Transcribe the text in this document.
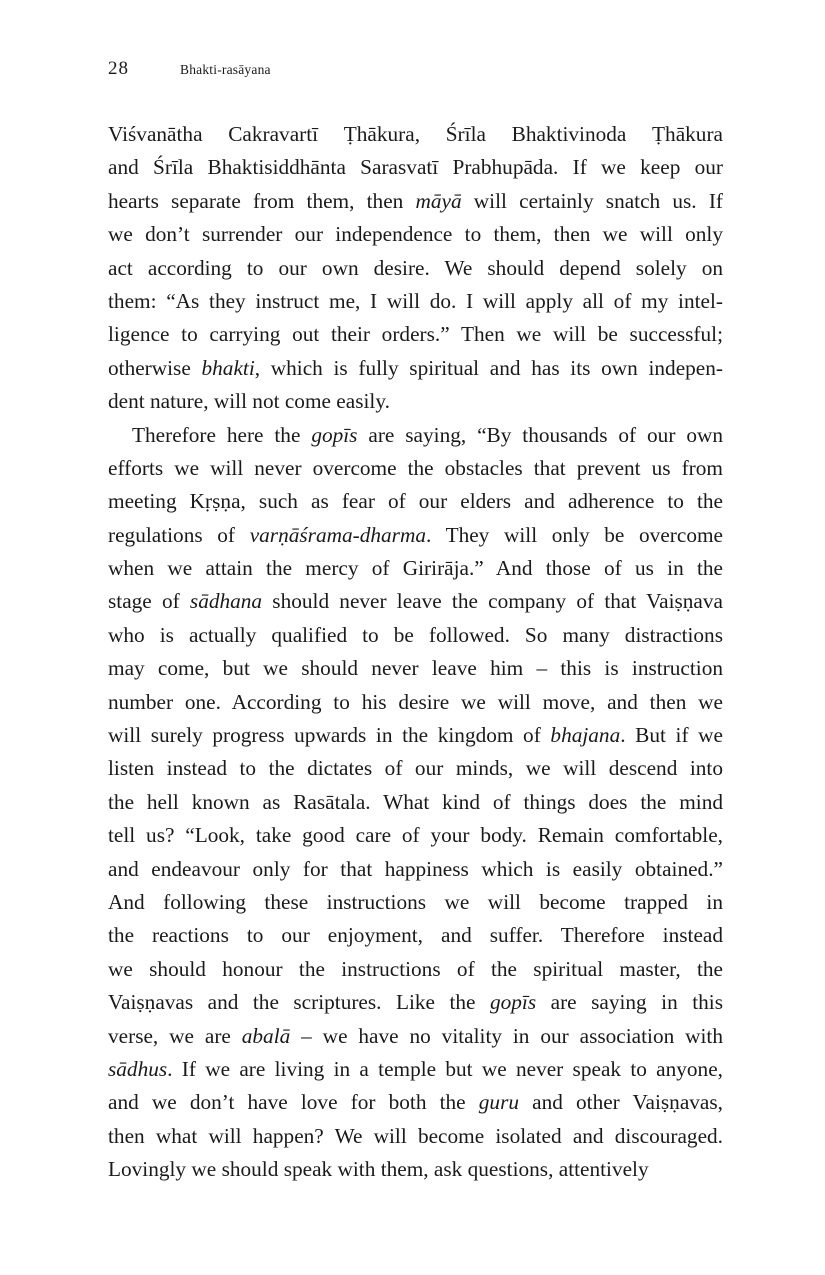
28	Bhakti-rasāyana
Viśvanātha Cakravartī Ṭhākura, Śrīla Bhaktivinoda Ṭhākura
and Śrīla Bhaktisiddhānta Sarasvatī Prabhupāda. If we keep our
hearts separate from them, then māyā will certainly snatch us. If
we don’t surrender our independence to them, then we will only
act according to our own desire. We should depend solely on
them: “As they instruct me, I will do. I will apply all of my intel-
ligence to carrying out their orders.” Then we will be successful;
otherwise bhakti, which is fully spiritual and has its own indepen-
dent nature, will not come easily.
Therefore here the gopīs are saying, “By thousands of our own
efforts we will never overcome the obstacles that prevent us from
meeting Kṛṣṇa, such as fear of our elders and adherence to the
regulations of varṇāśrama-dharma. They will only be overcome
when we attain the mercy of Girirāja.” And those of us in the
stage of sādhana should never leave the company of that Vaiṣṇava
who is actually qualified to be followed. So many distractions
may come, but we should never leave him – this is instruction
number one. According to his desire we will move, and then we
will surely progress upwards in the kingdom of bhajana. But if we
listen instead to the dictates of our minds, we will descend into
the hell known as Rasātala. What kind of things does the mind
tell us? “Look, take good care of your body. Remain comfortable,
and endeavour only for that happiness which is easily obtained.”
And following these instructions we will become trapped in
the reactions to our enjoyment, and suffer. Therefore instead
we should honour the instructions of the spiritual master, the
Vaiṣṇavas and the scriptures. Like the gopīs are saying in this
verse, we are abalā – we have no vitality in our association with
sādhus. If we are living in a temple but we never speak to anyone,
and we don’t have love for both the guru and other Vaiṣṇavas,
then what will happen? We will become isolated and discouraged.
Lovingly we should speak with them, ask questions, attentively
